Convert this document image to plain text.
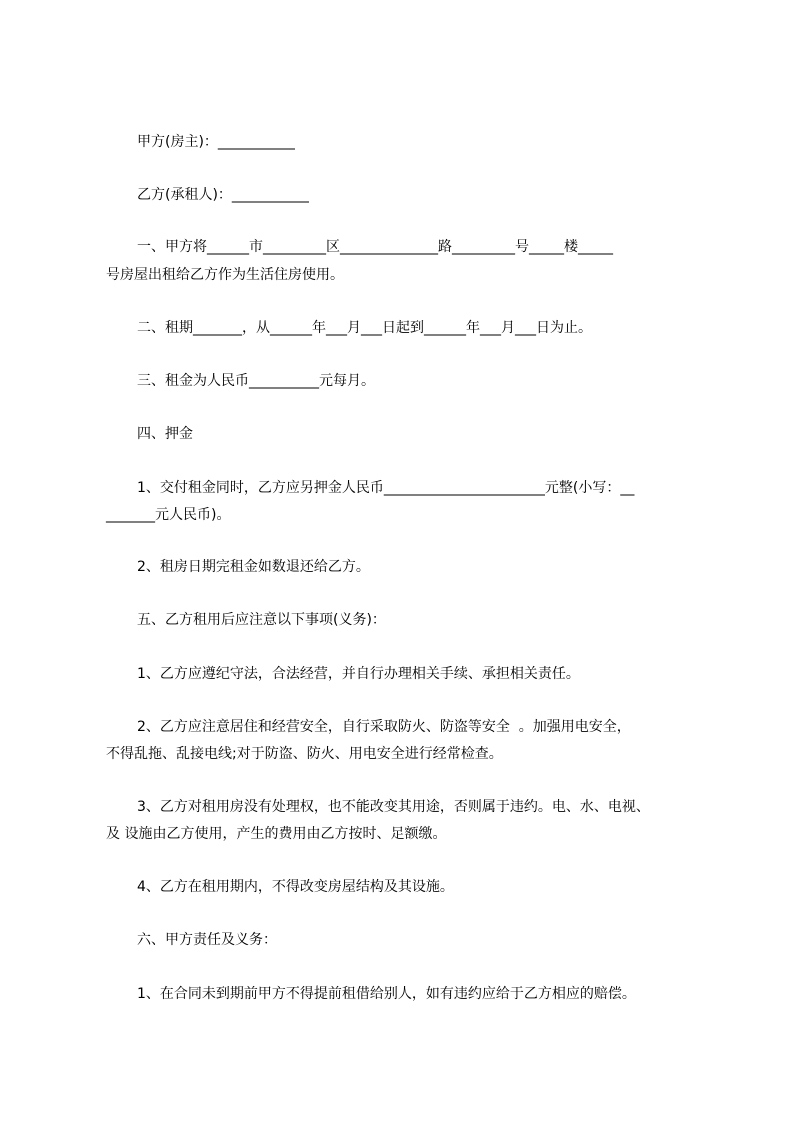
甲方(房主)：___________
乙方(承租人)：___________
一、甲方将______市_________区______________路_________号_____楼_____
号房屋出租给乙方作为生活住房使用。
二、租期_______，从______年___月___日起到______年___月___日为止。
三、租金为人民币__________元每月。
四、押金
1、交付租金同时，乙方应另押金人民币_______________________元整(小写：__
_______元人民币)。
2、租房日期完租金如数退还给乙方。
五、乙方租用后应注意以下事项(义务)：
1、乙方应遵纪守法，合法经营，并自行办理相关手续、承担相关责任。
2、乙方应注意居住和经营安全，自行采取防火、防盗等安全  。加强用电安全，
不得乱拖、乱接电线;对于防盗、防火、用电安全进行经常检查。
3、乙方对租用房没有处理权，也不能改变其用途，否则属于违约。电、水、电视、
及 设施由乙方使用，产生的费用由乙方按时、足额缴。
4、乙方在租用期内，不得改变房屋结构及其设施。
六、甲方责任及义务：
1、在合同未到期前甲方不得提前租借给别人，如有违约应给于乙方相应的赔偿。
